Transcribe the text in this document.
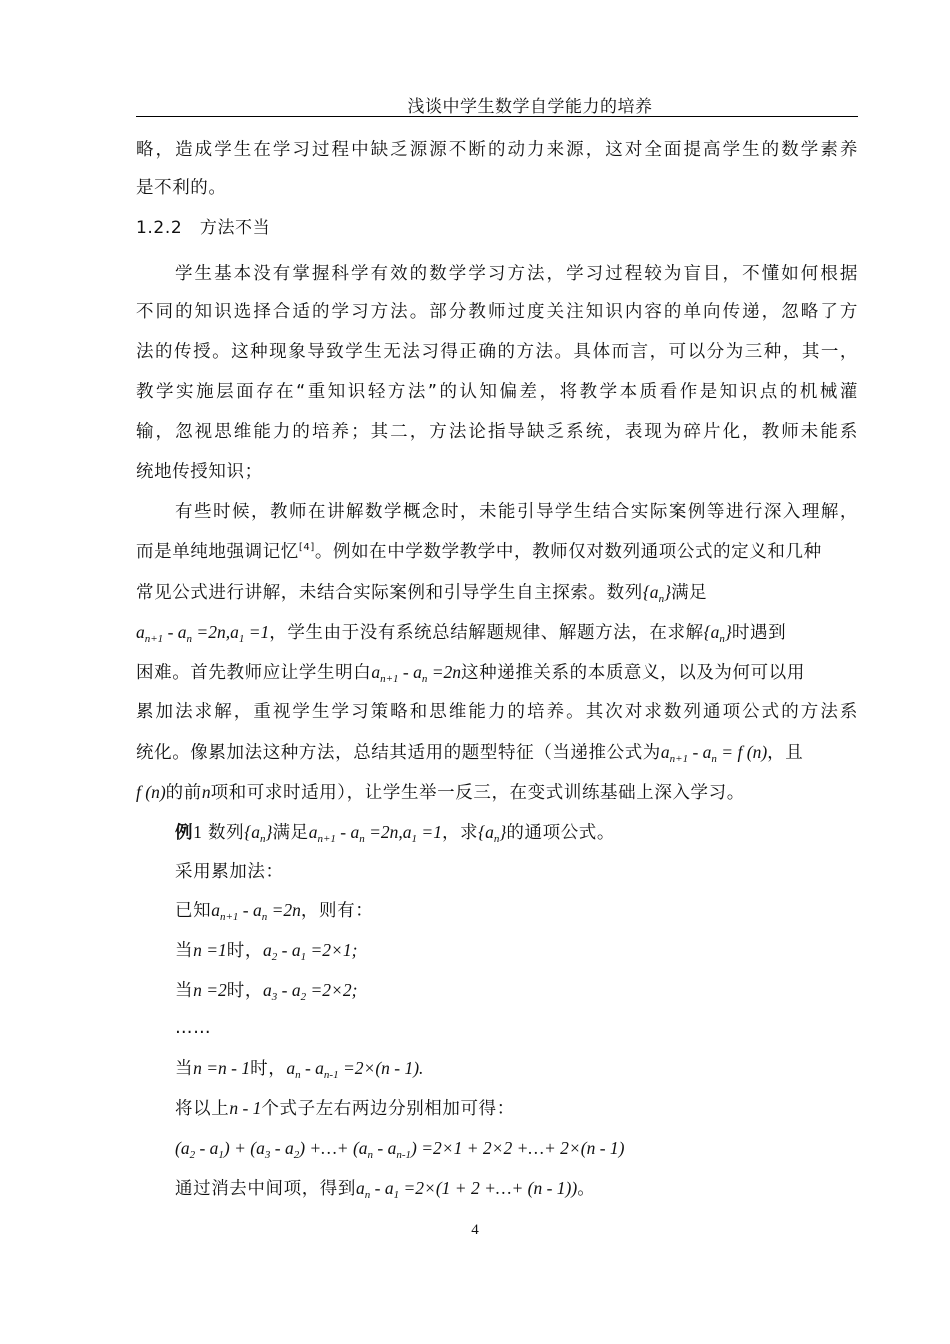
浅谈中学生数学自学能力的培养
略，造成学生在学习过程中缺乏源源不断的动力来源，这对全面提高学生的数学素养
是不利的。
1.2.2　方法不当
学生基本没有掌握科学有效的数学学习方法，学习过程较为盲目，不懂如何根据
不同的知识选择合适的学习方法。部分教师过度关注知识内容的单向传递，忽略了方
法的传授。这种现象导致学生无法习得正确的方法。具体而言，可以分为三种，其一，
教学实施层面存在“重知识轻方法”的认知偏差，将教学本质看作是知识点的机械灌
输，忽视思维能力的培养；其二，方法论指导缺乏系统，表现为碎片化，教师未能系
统地传授知识；
有些时候，教师在讲解数学概念时，未能引导学生结合实际案例等进行深入理解，
而是单纯地强调记忆[4]。例如在中学数学教学中，教师仅对数列通项公式的定义和几种
常见公式进行讲解，未结合实际案例和引导学生自主探索。数列$\{a_n\}$满足
$a_{n+1} - a_n =2n,a_1 =1$，学生由于没有系统总结解题规律、解题方法，在求解$\{a_n\}$时遇到
困难。首先教师应让学生明白$a_{n+1} - a_n =2n$这种递推关系的本质意义，以及为何可以用
累加法求解，重视学生学习策略和思维能力的培养。其次对求数列通项公式的方法系
统化。像累加法这种方法，总结其适用的题型特征（当递推公式为$a_{n+1} - a_n = f$ (n)，且
f (n)的前n项和可求时适用），让学生举一反三，在变式训练基础上深入学习。
例1 数列$\{a_n\}$满足$a_{n+1} - a_n =2n,a_1 =1$，求$\{a_n\}$的通项公式。
采用累加法：
已知$a_{n+1} - a_n =2n$，则有：
当n =1时，$a_2 - a_1 =2\times 1$;
当n =2时，$a_3 - a_2 =2\times 2$;
……
当n =n - 1时，$a_n - a_{n-1} =2\times(n - 1)$.
将以上n - 1个式子左右两边分别相加可得：
$(a_2 - a_1) + (a_3 - a_2)$ +…+ $(a_n - a_{n-1}) =2\times 1 + 2\times 2$ +…+ 2×(n - 1)
通过消去中间项，得到$a_n - a_1 =2\times(1 + 2$ +…+ (n - 1))。
4
